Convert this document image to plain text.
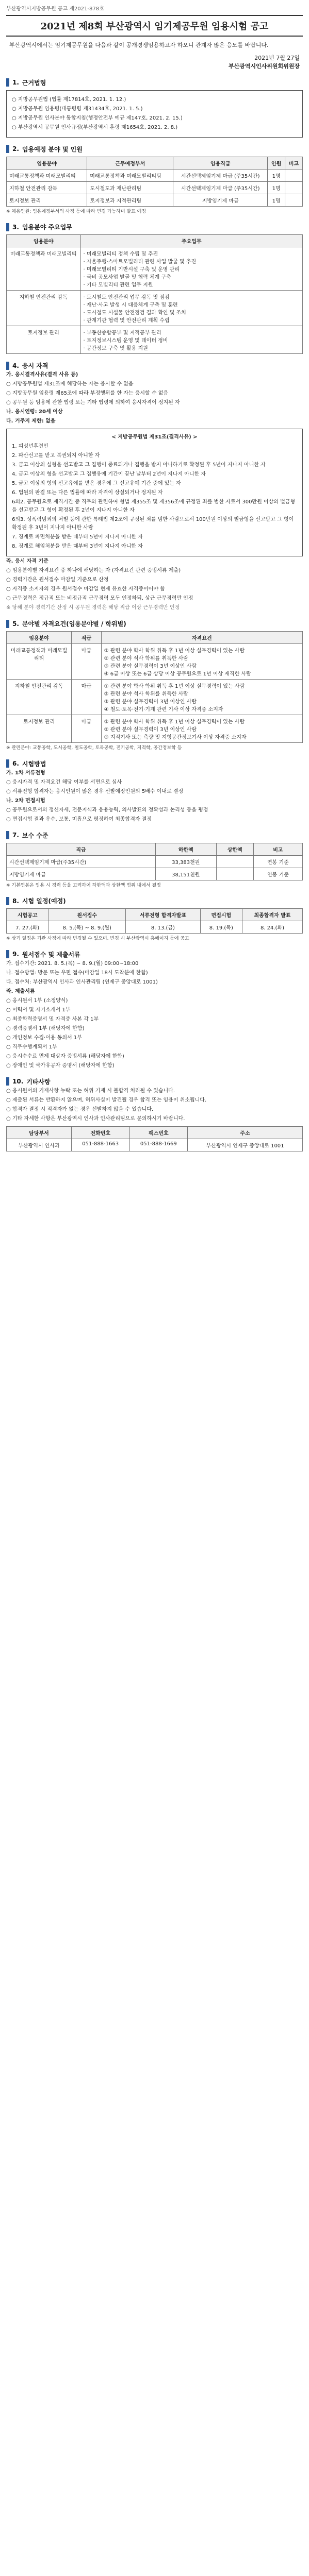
부산광역시지방공무원 공고 제2021-878호
2021년 제8회 부산광역시 임기제공무원 임용시험 공고
부산광역시에서는 임기제공무원을 다음과 같이 공개경쟁임용하고자 하오니 관계자 많은 응모를 바랍니다.
2021년 7월 27일
부산광역시인사위원회위원장
1. 근거법령
○ 지방공무원법 (법률 제17814호, 2021. 1. 12.)
○ 지방공무원 임용령(대통령령 제31434호, 2021. 1. 5.)
○ 지방공무원 인사분야 통합지침(행정안전부 예규 제147호, 2021. 2. 15.)
○ 부산광역시 공무원 인사규정(부산광역시 훈령 제1654호, 2021. 2. 8.)
2. 임용예정 분야 및 인원
임용분야	근무예정부서	임용직급	인원	비고
미래교통정책과 미래모빌리티	미래교통정책과 미래모빌리티팀	시간선택제임기제 마급 (주35시간)	1명	
지하철 안전관리 감독	도시철도과 재난관리팀	시간선택제임기제 마급 (주35시간)	1명	
토지정보 관리	토지정보과 지적관리팀	지방임기제 마급	1명	
※ 채용인원: 임용예정부서의 사정 등에 따라 변경 가능하며 발표 예정
3. 임용분야 주요업무
임용분야	주요업무
미래교통정책과 미래모빌리티	· 미래모빌리티 정책 수립 및 추진
· 자율주행·스마트모빌리티 관련 사업 발굴 및 추진
· 미래모빌리티 기반시설 구축 및 운영 관리
· 국비 공모사업 발굴 및 협력 체계 구축
· 기타 모빌리티 관련 업무 지원
지하철 안전관리 감독	· 도시철도 안전관리 업무 감독 및 점검
· 재난·사고 발생 시 대응체계 구축 및 훈련
· 도시철도 시설물 안전점검 결과 확인 및 조치
· 관계기관 협력 및 안전관리 계획 수립
토지정보 관리	· 부동산종합공부 및 지적공부 관리
· 토지정보시스템 운영 및 데이터 정비
· 공간정보 구축 및 활용 지원
4. 응시 자격
가. 응시결격사유(결격 사유 등)
○ 지방공무원법 제31조에 해당하는 자는 응시할 수 없음
○ 지방공무원 임용령 제65조에 따라 부정행위를 한 자는 응시할 수 없음
○ 공무원 등 임용에 관한 법령 또는 기타 법령에 의하여 응시자격이 정지된 자
나. 응시연령: 20세 이상
다. 거주지 제한: 없음
< 지방공무원법 제31조(결격사유) >
1. 피성년후견인
2. 파산선고를 받고 복권되지 아니한 자
3. 금고 이상의 실형을 선고받고 그 집행이 종료되거나 집행을 받지 아니하기로 확정된 후 5년이 지나지 아니한 자
4. 금고 이상의 형을 선고받고 그 집행유예 기간이 끝난 날부터 2년이 지나지 아니한 자
5. 금고 이상의 형의 선고유예를 받은 경우에 그 선고유예 기간 중에 있는 자
6. 법원의 판결 또는 다른 법률에 따라 자격이 상실되거나 정지된 자
6의2. 공무원으로 재직기간 중 직무와 관련하여 형법 제355조 및 제356조에 규정된 죄를 범한 자로서 300만원 이상의 벌금형을 선고받고 그 형이 확정된 후 2년이 지나지 아니한 자
6의3. 성폭력범죄의 처벌 등에 관한 특례법 제2조에 규정된 죄를 범한 사람으로서 100만원 이상의 벌금형을 선고받고 그 형이 확정된 후 3년이 지나지 아니한 사람
7. 징계로 파면처분을 받은 때부터 5년이 지나지 아니한 자
8. 징계로 해임처분을 받은 때부터 3년이 지나지 아니한 자
라. 응시 자격 기준
○ 임용분야별 자격요건 중 하나에 해당하는 자 (자격요건 관련 증빙서류 제출)
○ 경력기간은 원서접수 마감일 기준으로 산정
○ 자격증 소지자의 경우 원서접수 마감일 현재 유효한 자격증이어야 함
○ 근무경력은 정규직 또는 비정규직 근무경력 모두 인정하되, 상근 근무경력만 인정
※ 당해 분야 경력기간 산정 시 공무원 경력은 해당 직급 이상 근무경력만 인정
5. 분야별 자격요건(임용분야별 / 학위별)
임용분야	직급	자격요건
미래교통정책과 미래모빌리티	마급	① 관련 분야 학사 학위 취득 후 1년 이상 실무경력이 있는 사람
② 관련 분야 석사 학위를 취득한 사람
③ 관련 분야 실무경력이 3년 이상인 사람
④ 6급 이상 또는 6급 상당 이상 공무원으로 1년 이상 재직한 사람
지하철 안전관리 감독	마급	① 관련 분야 학사 학위 취득 후 1년 이상 실무경력이 있는 사람
② 관련 분야 석사 학위를 취득한 사람
③ 관련 분야 실무경력이 3년 이상인 사람
④ 철도·토목·전기·기계 관련 기사 이상 자격증 소지자
토지정보 관리	마급	① 관련 분야 학사 학위 취득 후 1년 이상 실무경력이 있는 사람
② 관련 분야 실무경력이 3년 이상인 사람
③ 지적기사 또는 측량 및 지형공간정보기사 이상 자격증 소지자
※ 관련분야: 교통공학, 도시공학, 철도공학, 토목공학, 전기공학, 지적학, 공간정보학 등
6. 시험방법
가. 1차 서류전형
○ 응시자격 및 자격요건 해당 여부를 서면으로 심사
○ 서류전형 합격자는 응시인원이 많은 경우 선발예정인원의 5배수 이내로 결정
나. 2차 면접시험
○ 공무원으로서의 정신자세, 전문지식과 응용능력, 의사발표의 정확성과 논리성 등을 평정
○ 면접시험 결과 우수, 보통, 미흡으로 평정하여 최종합격자 결정
7. 보수 수준
직급	하한액	상한액	비고
시간선택제임기제 마급(주35시간)	33,383천원		연봉 기준
지방임기제 마급	38,151천원		연봉 기준
※ 기본연봉은 임용 시 경력 등을 고려하여 하한액과 상한액 범위 내에서 결정
8. 시험 일정(예정)
시험공고	원서접수	서류전형 합격자발표	면접시험	최종합격자 발표
7. 27.(화)	8. 5.(목) ~ 8. 9.(월)	8. 13.(금)	8. 19.(목)	8. 24.(화)
※ 상기 일정은 기관 사정에 따라 변경될 수 있으며, 변경 시 부산광역시 홈페이지 등에 공고
9. 원서접수 및 제출서류
가. 접수기간: 2021. 8. 5.(목) ~ 8. 9.(월) 09:00~18:00
나. 접수방법: 방문 또는 우편 접수(마감일 18시 도착분에 한함)
다. 접수처: 부산광역시 인사과 인사관리팀 (연제구 중앙대로 1001)
라. 제출서류
○ 응시원서 1부 (소정양식)
○ 이력서 및 자기소개서 1부
○ 최종학력증명서 및 자격증 사본 각 1부
○ 경력증명서 1부 (해당자에 한함)
○ 개인정보 수집·이용 동의서 1부
○ 직무수행계획서 1부
○ 응시수수료 면제 대상자 증빙서류 (해당자에 한함)
○ 장애인 및 국가유공자 증명서 (해당자에 한함)
10. 기타사항
○ 응시원서의 기재사항 누락 또는 허위 기재 시 불합격 처리될 수 있습니다.
○ 제출된 서류는 반환하지 않으며, 허위사실이 발견될 경우 합격 또는 임용이 취소됩니다.
○ 합격자 결정 시 적격자가 없는 경우 선발하지 않을 수 있습니다.
○ 기타 자세한 사항은 부산광역시 인사과 인사관리팀으로 문의하시기 바랍니다.
담당부서	전화번호	팩스번호	주소
부산광역시 인사과	051-888-1663	051-888-1669	부산광역시 연제구 중앙대로 1001
